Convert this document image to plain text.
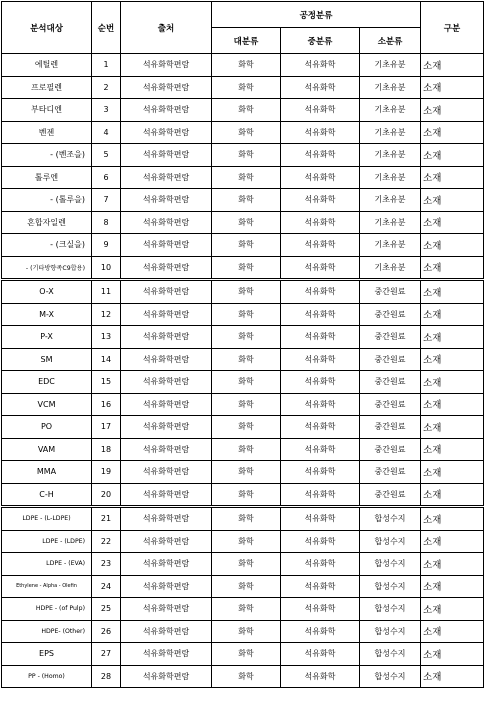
분석대상	순번	출처	공정분류			구분
			대분류	중분류	소분류	
에틸렌	1	석유화학편람	화학	석유화학	기초유분	소재
프로필렌	2	석유화학편람	화학	석유화학	기초유분	소재
부타디엔	3	석유화학편람	화학	석유화학	기초유분	소재
벤젠	4	석유화학편람	화학	석유화학	기초유분	소재
- (벤조을)	5	석유화학편람	화학	석유화학	기초유분	소재
톨루엔	6	석유화학편람	화학	석유화학	기초유분	소재
- (톨루을)	7	석유화학편람	화학	석유화학	기초유분	소재
혼합자일렌	8	석유화학편람	화학	석유화학	기초유분	소재
- (크실을)	9	석유화학편람	화학	석유화학	기초유분	소재
- (기타방향족C9합용)	10	석유화학편람	화학	석유화학	기초유분	소재
O-X	11	석유화학편람	화학	석유화학	중간원료	소재
M-X	12	석유화학편람	화학	석유화학	중간원료	소재
P-X	13	석유화학편람	화학	석유화학	중간원료	소재
SM	14	석유화학편람	화학	석유화학	중간원료	소재
EDC	15	석유화학편람	화학	석유화학	중간원료	소재
VCM	16	석유화학편람	화학	석유화학	중간원료	소재
PO	17	석유화학편람	화학	석유화학	중간원료	소재
VAM	18	석유화학편람	화학	석유화학	중간원료	소재
MMA	19	석유화학편람	화학	석유화학	중간원료	소재
C-H	20	석유화학편람	화학	석유화학	중간원료	소재
LDPE - (L-LDPE)	21	석유화학편람	화학	석유화학	합성수지	소재
LDPE - (LDPE)	22	석유화학편람	화학	석유화학	합성수지	소재
LDPE - (EVA)	23	석유화학편람	화학	석유화학	합성수지	소재
Ethylene - Alpha - Olefin	24	석유화학편람	화학	석유화학	합성수지	소재
HDPE - (of Pulp)	25	석유화학편람	화학	석유화학	합성수지	소재
HDPE- (Other)	26	석유화학편람	화학	석유화학	합성수지	소재
EPS	27	석유화학편람	화학	석유화학	합성수지	소재
PP - (Homo)	28	석유화학편람	화학	석유화학	합성수지	소재
